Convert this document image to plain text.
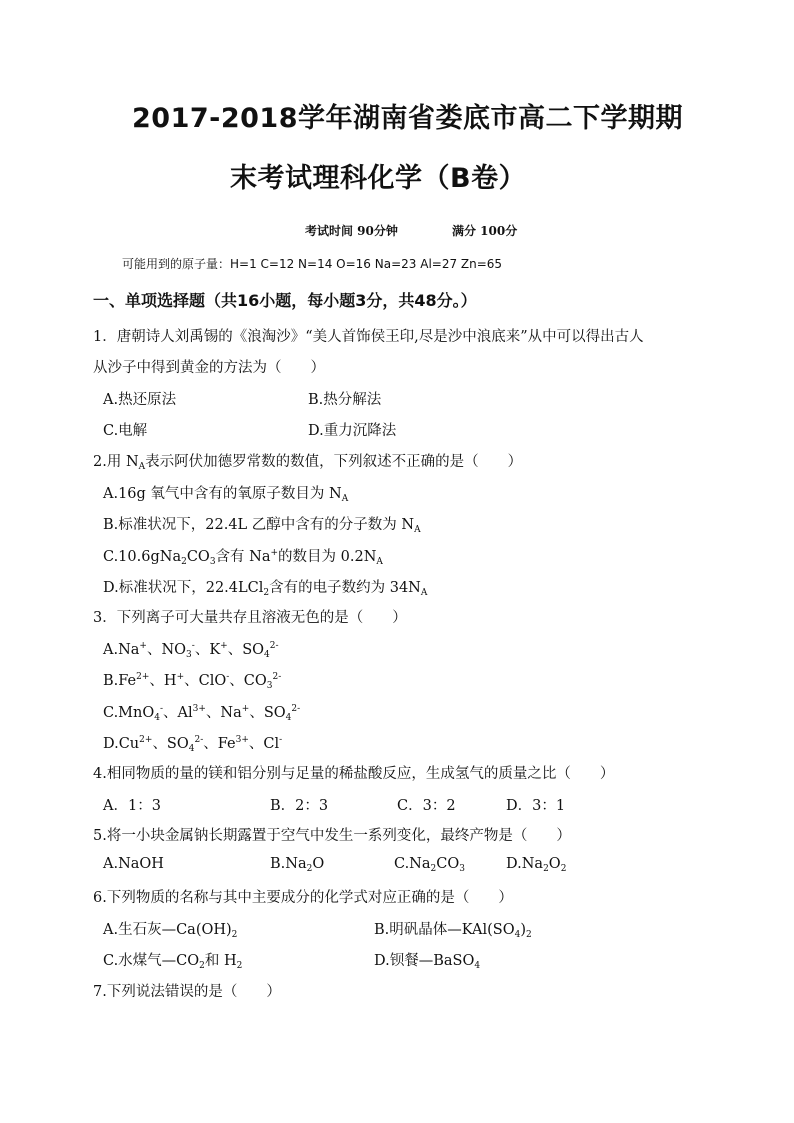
2017-2018学年湖南省娄底市高二下学期期
末考试理科化学（B卷）
考试时间 90分钟	满分 100分
可能用到的原子量：H=1 C=12 N=14 O=16 Na=23 Al=27 Zn=65
一、单项选择题（共16小题，每小题3分，共48分。）
1．唐朝诗人刘禹锡的《浪淘沙》“美人首饰侯王印,尽是沙中浪底来”从中可以得出古人
从沙子中得到黄金的方法为（　　）
A.热还原法	B.热分解法
C.电解	D.重力沉降法
2.用 $N_A$表示阿伏加德罗常数的数值，下列叙述不正确的是（　　）
A.16g 氧气中含有的氧原子数目为 $N_A$
B.标准状况下，22.4L 乙醇中含有的分子数为 $N_A$
$C.10.6gNa_2CO_3$含有 Na+的数目为 $0.2N_A$
D.标准状况下，22.4LCl$_2$含有的电子数约为 $34N_A$
3．下列离子可大量共存且溶液无色的是（　　）
A.Na+、$NO_3^-$、K+、$SO_4^{2-}$
$B.Fe^{2+}$、H+、ClO-、$CO_3^{2-}$
C.MnO$_4$-、$Al^{3+}$、Na+、$SO_4^{2-}$
$D.Cu^{2+}$、$SO_4^{2-}$、$Fe^{3+}$、Cl-
4.相同物质的量的镁和铝分别与足量的稀盐酸反应，生成氢气的质量之比（　　）
A．1：3	B．2：3	C．3：2	D．3：1
5.将一小块金属钠长期露置于空气中发生一系列变化，最终产物是（　　）
A.NaOH	$B.Na_2O$	$C.Na_2CO_3$	$D.Na_2O_2$
6.下列物质的名称与其中主要成分的化学式对应正确的是（　　）
A.生石灰$—Ca(OH)_2$	B.明矾晶体$—KAl(SO_4)_2$
C.水煤气$—CO_2$和 $H_2$	D.钡餐—BaSO$_4$
7.下列说法错误的是（　　）
